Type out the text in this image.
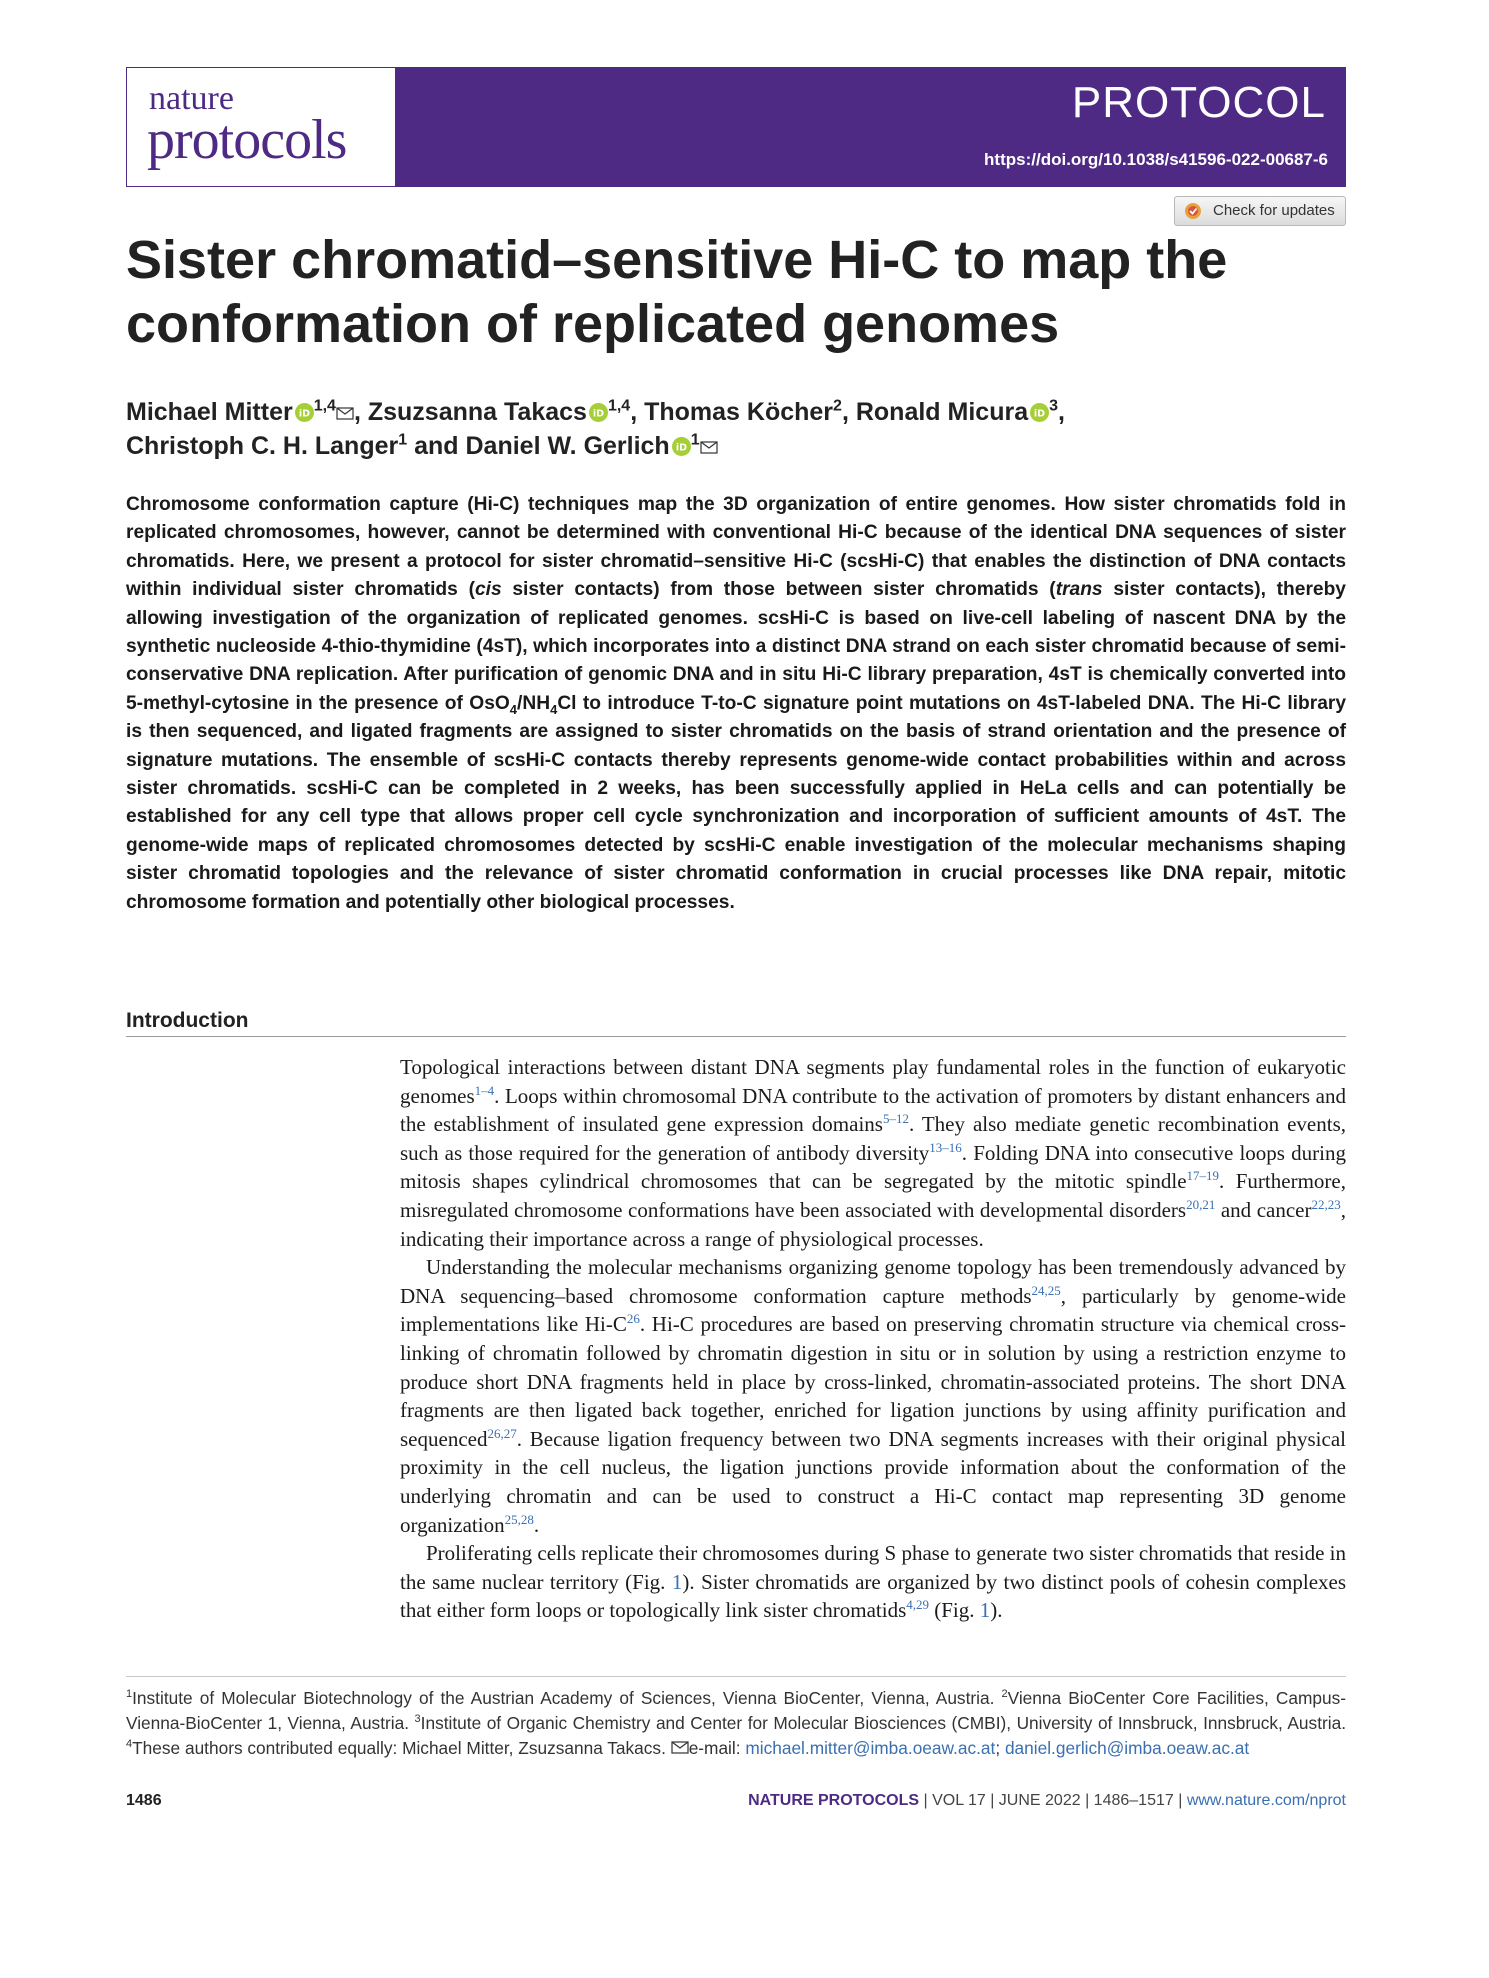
nature
protocols
PROTOCOL
https://doi.org/10.1038/s41596-022-00687-6
Check for updates
Sister chromatid–sensitive Hi-C to map the conformation of replicated genomes
Michael Mitter iD $^{1,4}$ , Zsuzsanna Takacs iD $^{1,4}$, Thomas Köcher$^2$, Ronald Micura iD $^3$,
Christoph C. H. Langer$^1$ and Daniel W. Gerlich iD $^1$

Chromosome conformation capture (Hi-C) techniques map the 3D organization of entire genomes. How sister chromatids fold in replicated chromosomes, however, cannot be determined with conventional Hi-C because of the identical DNA sequences of sister chromatids. Here, we present a protocol for sister chromatid–sensitive Hi-C (scsHi-C) that enables the distinction of DNA contacts within individual sister chromatids (cis sister contacts) from those between sister chromatids (trans sister contacts), thereby allowing investigation of the organization of replicated genomes. scsHi-C is based on live-cell labeling of nascent DNA by the synthetic nucleoside 4-thio-thymidine (4sT), which incorporates into a distinct DNA strand on each sister chromatid because of semi-conservative DNA replication. After purification of genomic DNA and in situ Hi-C library preparation, 4sT is chemically converted into 5-methyl-cytosine in the presence of $OsO_4/NH_4Cl$ to introduce T-to-C signature point mutations on 4sT-labeled DNA. The Hi-C library is then sequenced, and ligated fragments are assigned to sister chromatids on the basis of strand orientation and the presence of signature mutations. The ensemble of scsHi-C contacts thereby represents genome-wide contact probabilities within and across sister chromatids. scsHi-C can be completed in 2 weeks, has been successfully applied in HeLa cells and can potentially be established for any cell type that allows proper cell cycle synchronization and incorporation of sufficient amounts of 4sT. The genome-wide maps of replicated chromosomes detected by scsHi-C enable investigation of the molecular mechanisms shaping sister chromatid topologies and the relevance of sister chromatid conformation in crucial processes like DNA repair, mitotic chromosome formation and potentially other biological processes.

Introduction

Topological interactions between distant DNA segments play fundamental roles in the function of eukaryotic genomes$^{1-4}$. Loops within chromosomal DNA contribute to the activation of promoters by distant enhancers and the establishment of insulated gene expression domains$^{5-12}$. They also mediate genetic recombination events, such as those required for the generation of antibody diversity$^{13-16}$. Folding DNA into consecutive loops during mitosis shapes cylindrical chromosomes that can be segregated by the mitotic spindle$^{17-19}$. Furthermore, misregulated chromosome conformations have been associated with developmental disorders$^{20,21}$ and cancer$^{22,23}$, indicating their importance across a range of physiological processes.

Understanding the molecular mechanisms organizing genome topology has been tremendously advanced by DNA sequencing–based chromosome conformation capture methods$^{24,25}$, particularly by genome-wide implementations like Hi-C$^{26}$. Hi-C procedures are based on preserving chromatin structure via chemical cross-linking of chromatin followed by chromatin digestion in situ or in solution by using a restriction enzyme to produce short DNA fragments held in place by cross-linked, chromatin-associated proteins. The short DNA fragments are then ligated back together, enriched for ligation junctions by using affinity purification and sequenced$^{26,27}$. Because ligation frequency between two DNA segments increases with their original physical proximity in the cell nucleus, the ligation junctions provide information about the conformation of the underlying chromatin and can be used to construct a Hi-C contact map representing 3D genome organization$^{25,28}$.

Proliferating cells replicate their chromosomes during S phase to generate two sister chromatids that reside in the same nuclear territory (Fig. 1). Sister chromatids are organized by two distinct pools of cohesin complexes that either form loops or topologically link sister chromatids$^{4,29}$ (Fig. 1).

$^1$Institute of Molecular Biotechnology of the Austrian Academy of Sciences, Vienna BioCenter, Vienna, Austria. $^2$Vienna BioCenter Core Facilities, Campus-Vienna-BioCenter 1, Vienna, Austria. $^3$Institute of Organic Chemistry and Center for Molecular Biosciences (CMBI), University of Innsbruck, Innsbruck, Austria. $^4$These authors contributed equally: Michael Mitter, Zsuzsanna Takacs. e-mail: michael.mitter@imba.oeaw.ac.at; daniel.gerlich@imba.oeaw.ac.at

1486	NATURE PROTOCOLS | VOL 17 | JUNE 2022 | 1486–1517 | www.nature.com/nprot
